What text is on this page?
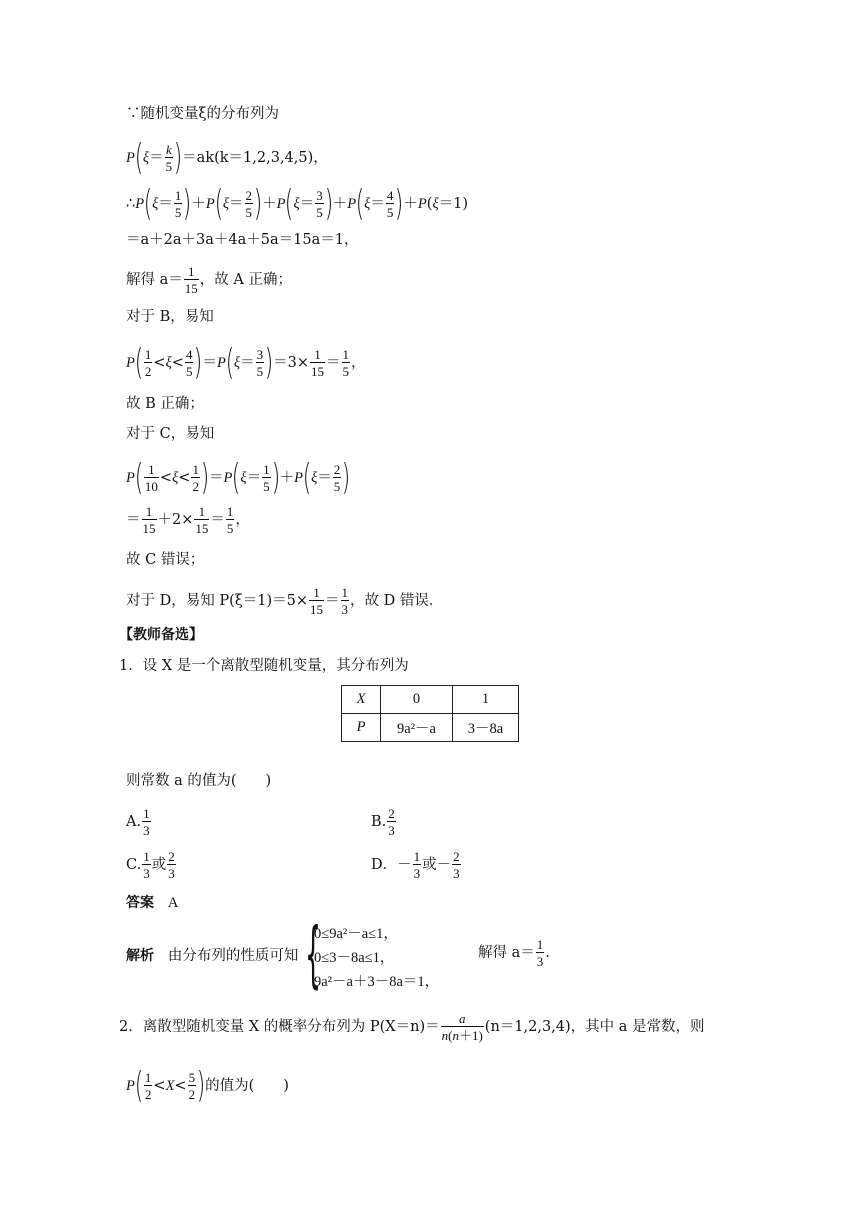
∵随机变量ξ的分布列为
$P(\xi= \frac{k}{5} )=ak(k=1,2,3,4,5)$，
∴P(ξ＝ $\frac{1}{5} )+P(\xi= \frac{2}{5} )+P(\xi= \frac{3}{5} )+P(\xi= \frac{4}{5} )+P(\xi=1)$
＝a＋2a＋3a＋4a＋5a＝15a＝1，
解得 $a= \frac{1}{15}$ ，故 A 正确；
对于 B，易知
$P( \frac{1}{2} <\xi< \frac{4}{5} )=P(\xi= \frac{3}{5} )=3\times \frac{1}{15} = \frac{1}{5}$ ，
故 B 正确；
对于 C，易知
$P( \frac{1}{10} <\xi< \frac{1}{2} )=P(\xi= \frac{1}{5} )+P(\xi= \frac{2}{5}$ )
＝ $\frac{1}{15} +2\times \frac{1}{15} = \frac{1}{5}$ ，
故 C 错误；
对于 D，易知 $P(\xi=1)=5\times \frac{1}{15} = \frac{1}{3}$ ，故 D 错误．
【教师备选】
1．设 X 是一个离散型随机变量，其分布列为
X	0	1
P	9a²－a	3－8a
则常数 a 的值为(　　)
A. $\frac{1}{3}$	B. $\frac{2}{3}$
C. $\frac{1}{3}$ 或 $\frac{2}{3}$	D．－ $\frac{1}{3}$ 或－ $\frac{2}{3}$
答案 A
解析 由分布列的性质可知 {
0≤9a²－a≤1，
0≤3－8a≤1，
9a²－a＋3－8a＝1，
解得 $a= \frac{1}{3}$ .
2．离散型随机变量 X 的概率分布列为 $P(X=n)= \frac{a}{n(n+1)} (n=1,2,3,4)$，其中 a 是常数，则
$P( \frac{1}{2} <X< \frac{5}{2}$ )的值为(　　)
